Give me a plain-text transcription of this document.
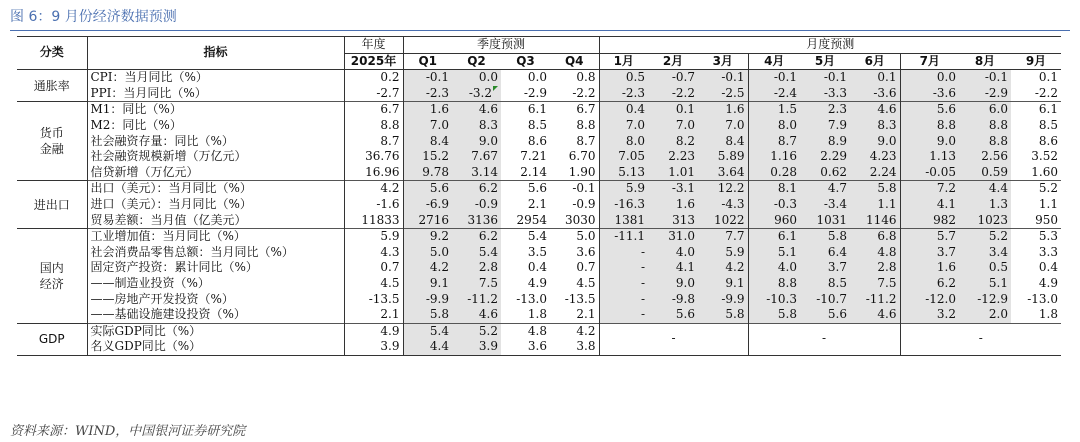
图 6：9 月份经济数据预测
分类	指标	年度	季度预测				月度预测								
		2025年	Q1	Q2	Q3	Q4	1月	2月	3月	4月	5月	6月	7月	8月	9月
通胀率	CPI：当月同比（%）	0.2	-0.1	0.0	0.0	0.8	0.5	-0.7	-0.1	-0.1	-0.1	0.1	0.0	-0.1	0.1
	PPI：当月同比（%）	-2.7	-2.3	-3.2	-2.9	-2.2	-2.3	-2.2	-2.5	-2.4	-3.3	-3.6	-3.6	-2.9	-2.2
货币
金融	M1：同比（%）	6.7	1.6	4.6	6.1	6.7	0.4	0.1	1.6	1.5	2.3	4.6	5.6	6.0	6.1
	M2：同比（%）	8.8	7.0	8.3	8.5	8.8	7.0	7.0	7.0	8.0	7.9	8.3	8.8	8.8	8.5
	社会融资存量：同比（%）	8.7	8.4	9.0	8.6	8.7	8.0	8.2	8.4	8.7	8.9	9.0	9.0	8.8	8.6
	社会融资规模新增（万亿元）	36.76	15.2	7.67	7.21	6.70	7.05	2.23	5.89	1.16	2.29	4.23	1.13	2.56	3.52
	信贷新增（万亿元）	16.96	9.78	3.14	2.14	1.90	5.13	1.01	3.64	0.28	0.62	2.24	-0.05	0.59	1.60
进出口	出口（美元）：当月同比（%）	4.2	5.6	6.2	5.6	-0.1	5.9	-3.1	12.2	8.1	4.7	5.8	7.2	4.4	5.2
	进口（美元）：当月同比（%）	-1.6	-6.9	-0.9	2.1	-0.9	-16.3	1.6	-4.3	-0.3	-3.4	1.1	4.1	1.3	1.1
	贸易差额：当月值（亿美元）	11833	2716	3136	2954	3030	1381	313	1022	960	1031	1146	982	1023	950
国内
经济	工业增加值：当月同比（%）	5.9	9.2	6.2	5.4	5.0	-11.1	31.0	7.7	6.1	5.8	6.8	5.7	5.2	5.3
	社会消费品零售总额：当月同比（%）	4.3	5.0	5.4	3.5	3.6	-	4.0	5.9	5.1	6.4	4.8	3.7	3.4	3.3
	固定资产投资：累计同比（%）	0.7	4.2	2.8	0.4	0.7	-	4.1	4.2	4.0	3.7	2.8	1.6	0.5	0.4
	——制造业投资（%）	4.5	9.1	7.5	4.9	4.5	-	9.0	9.1	8.8	8.5	7.5	6.2	5.1	4.9
	——房地产开发投资（%）	-13.5	-9.9	-11.2	-13.0	-13.5	-	-9.8	-9.9	-10.3	-10.7	-11.2	-12.0	-12.9	-13.0
	——基础设施建设投资（%）	2.1	5.8	4.6	1.8	2.1	-	5.6	5.8	5.8	5.6	4.6	3.2	2.0	1.8
GDP	实际GDP同比（%）	4.9	5.4	5.2	4.8	4.2	-			-			-		
	名义GDP同比（%）	3.9	4.4	3.9	3.6	3.8									
资料来源：WIND，中国银河证券研究院
